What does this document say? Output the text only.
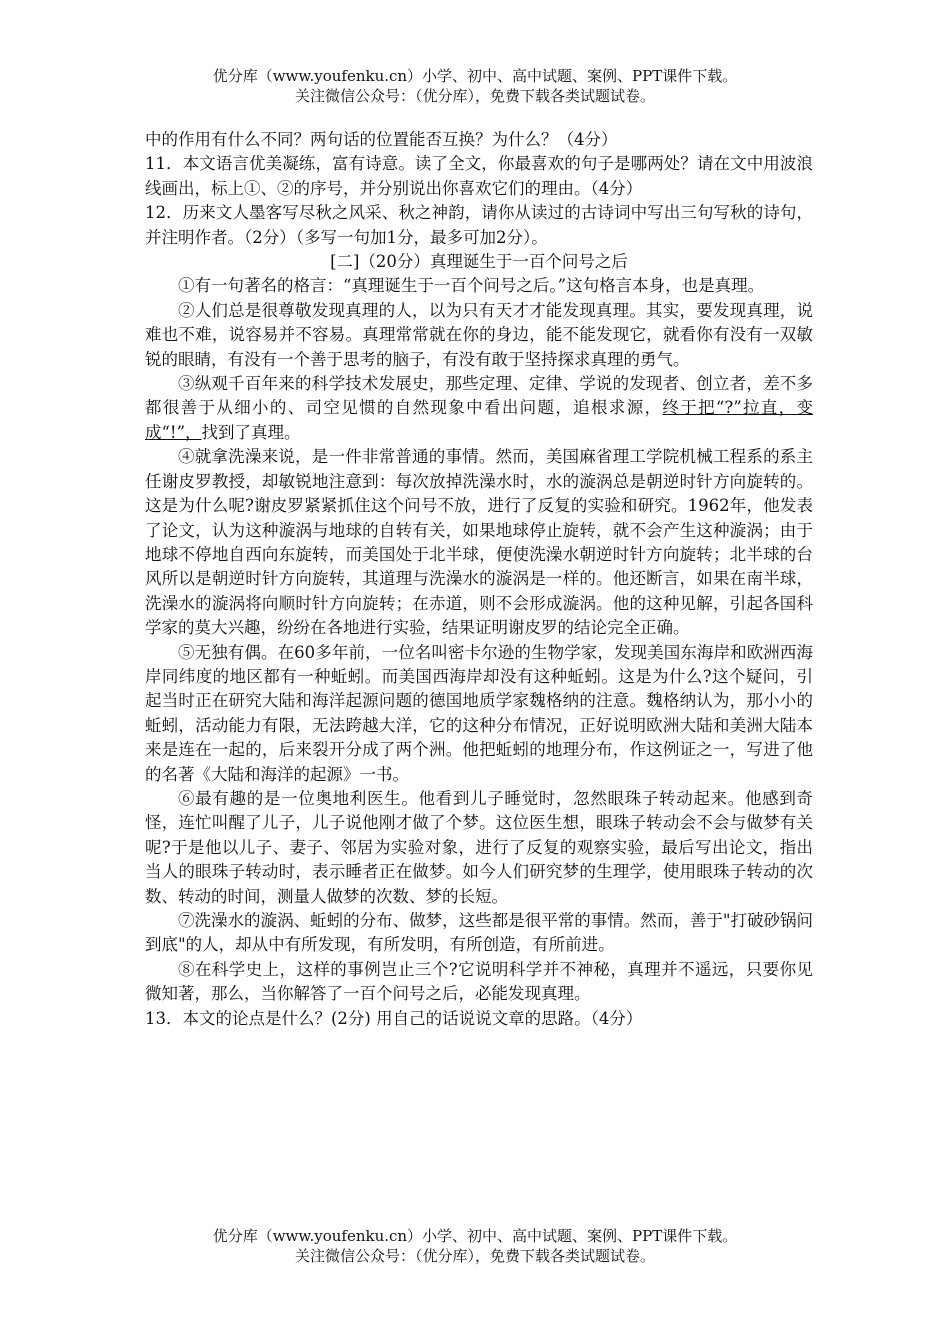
优分库（www.youfenku.cn）小学、初中、高中试题、案例、PPT课件下载。
关注微信公众号：（优分库），免费下载各类试题试卷。

中的作用有什么不同？两句话的位置能否互换？为什么？（4分）

11．本文语言优美凝练，富有诗意。读了全文，你最喜欢的句子是哪两处？请在文中用波浪线画出，标上①、②的序号，并分别说出你喜欢它们的理由。（4分）

12．历来文人墨客写尽秋之风采、秋之神韵，请你从读过的古诗词中写出三句写秋的诗句，并注明作者。（2分）（多写一句加1分，最多可加2分）。

[二]（20分）真理诞生于一百个问号之后

①有一句著名的格言：“真理诞生于一百个问号之后。”这句格言本身，也是真理。

②人们总是很尊敬发现真理的人，以为只有天才才能发现真理。其实，要发现真理，说难也不难，说容易并不容易。真理常常就在你的身边，能不能发现它，就看你有没有一双敏锐的眼睛，有没有一个善于思考的脑子，有没有敢于坚持探求真理的勇气。

③纵观千百年来的科学技术发展史，那些定理、定律、学说的发现者、创立者，差不多都很善于从细小的、司空见惯的自然现象中看出问题，追根求源，终于把“?”拉直，变成“!”，找到了真理。

④就拿洗澡来说，是一件非常普通的事情。然而，美国麻省理工学院机械工程系的系主任谢皮罗教授，却敏锐地注意到：每次放掉洗澡水时，水的漩涡总是朝逆时针方向旋转的。这是为什么呢?谢皮罗紧紧抓住这个问号不放，进行了反复的实验和研究。1962年，他发表了论文，认为这种漩涡与地球的自转有关，如果地球停止旋转，就不会产生这种漩涡；由于地球不停地自西向东旋转，而美国处于北半球，便使洗澡水朝逆时针方向旋转；北半球的台风所以是朝逆时针方向旋转，其道理与洗澡水的漩涡是一样的。他还断言，如果在南半球，洗澡水的漩涡将向顺时针方向旋转；在赤道，则不会形成漩涡。他的这种见解，引起各国科学家的莫大兴趣，纷纷在各地进行实验，结果证明谢皮罗的结论完全正确。

⑤无独有偶。在60多年前，一位名叫密卡尔逊的生物学家，发现美国东海岸和欧洲西海岸同纬度的地区都有一种蚯蚓。而美国西海岸却没有这种蚯蚓。这是为什么?这个疑问，引起当时正在研究大陆和海洋起源问题的德国地质学家魏格纳的注意。魏格纳认为，那小小的蚯蚓，活动能力有限，无法跨越大洋，它的这种分布情况，正好说明欧洲大陆和美洲大陆本来是连在一起的，后来裂开分成了两个洲。他把蚯蚓的地理分布，作这例证之一，写进了他的名著《大陆和海洋的起源》一书。

⑥最有趣的是一位奥地利医生。他看到儿子睡觉时，忽然眼珠子转动起来。他感到奇怪，连忙叫醒了儿子，儿子说他刚才做了个梦。这位医生想，眼珠子转动会不会与做梦有关呢?于是他以儿子、妻子、邻居为实验对象，进行了反复的观察实验，最后写出论文，指出当人的眼珠子转动时，表示睡者正在做梦。如今人们研究梦的生理学，使用眼珠子转动的次数、转动的时间，测量人做梦的次数、梦的长短。

⑦洗澡水的漩涡、蚯蚓的分布、做梦，这些都是很平常的事情。然而，善于"打破砂锅问到底"的人，却从中有所发现，有所发明，有所创造，有所前进。

⑧在科学史上，这样的事例岂止三个?它说明科学并不神秘，真理并不遥远，只要你见微知著，那么，当你解答了一百个问号之后，必能发现真理。

13．本文的论点是什么？(2分) 用自己的话说说文章的思路。（4分）

优分库（www.youfenku.cn）小学、初中、高中试题、案例、PPT课件下载。
关注微信公众号：（优分库），免费下载各类试题试卷。
